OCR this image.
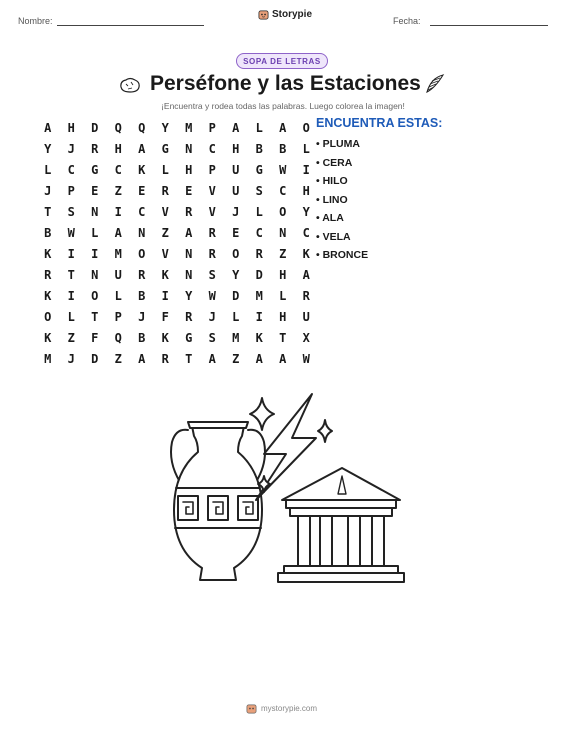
Nombre:
Storypie
Fecha:
SOPA DE LETRAS
Perséfone y las Estaciones
¡Encuentra y rodea todas las palabras. Luego colorea la imagen!
A	H	D	Q	Q	Y	M	P	A	L	A	O
Y	J	R	H	A	G	N	C	H	B	B	L
L	C	G	C	K	L	H	P	U	G	W	I
J	P	E	Z	E	R	E	V	U	S	C	H
T	S	N	I	C	V	R	V	J	L	O	Y
B	W	L	A	N	Z	A	R	E	C	N	C
K	I	I	M	O	V	N	R	O	R	Z	K
R	T	N	U	R	K	N	S	Y	D	H	A
K	I	O	L	B	I	Y	W	D	M	L	R
O	L	T	P	J	F	R	J	L	I	H	U
K	Z	F	Q	B	K	G	S	M	K	T	X
M	J	D	Z	A	R	T	A	Z	A	A	W
ENCUENTRA ESTAS:
• PLUMA
• CERA
• HILO
• LINO
• ALA
• VELA
• BRONCE
mystorypie.com
